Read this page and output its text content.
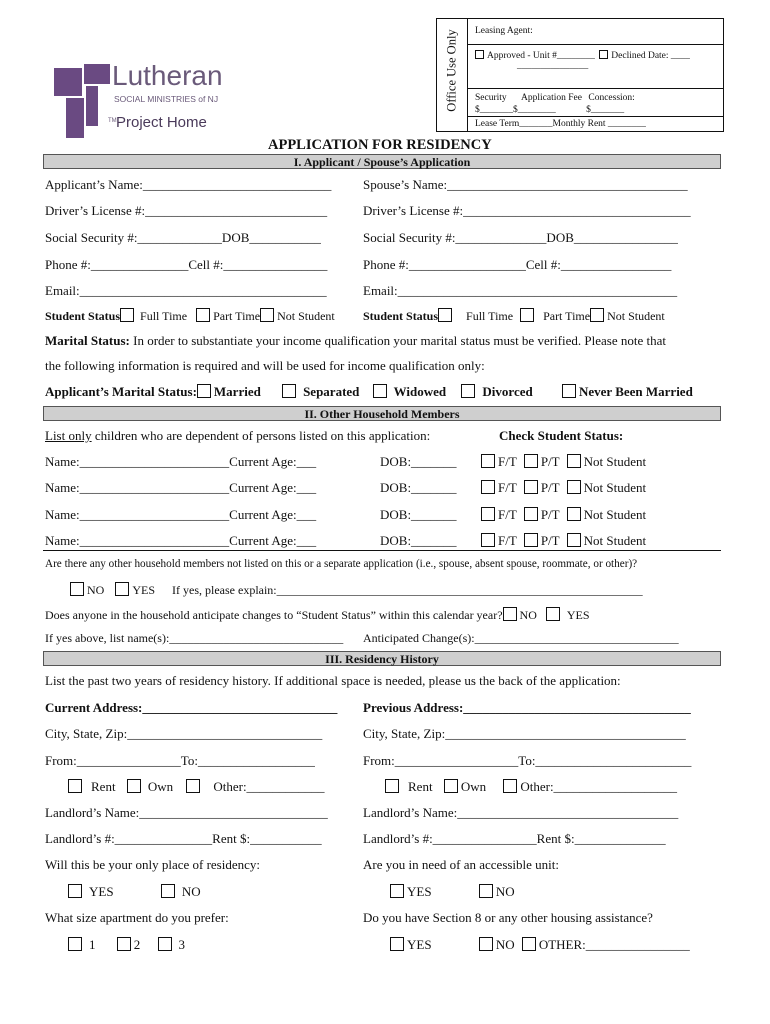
Lutheran
SOCIAL MINISTRIES of NJ
TM Project Home
Office Use Only	Leasing Agent:
Approved - Unit #________ Declined Date: ____
_______________
Security Application Fee Concession:
$_______$________	$_______
Lease Term_______Monthly Rent ________
APPLICATION FOR RESIDENCY
I. Applicant / Spouse’s Application
Applicant’s Name:_____________________________ Spouse’s Name:_____________________________________
Driver’s License #:____________________________	Driver’s License #:___________________________________
Social Security #:_____________DOB___________	Social Security #:______________DOB________________
Phone #:_______________Cell #:________________	Phone #:__________________Cell #:_________________
Email:______________________________________	Email:___________________________________________
Student Status Full Time Part Time Not Student Student Status Full Time	Part Time Not Student
Marital Status: In order to substantiate your income qualification your marital status must be verified. Please note that
the following information is required and will be used for income qualification only:
Applicant’s Marital Status: Married	Separated	Widowed	Divorced	Never Been Married
II. Other Household Members
List only children who are dependent of persons listed on this application:	Check Student Status:
Name:_______________________Current Age:___	DOB:_______	F/T P/T Not Student
Name:_______________________Current Age:___	DOB:_______	F/T P/T Not Student
Name:_______________________Current Age:___	DOB:_______	F/T P/T Not Student
Name:_______________________Current Age:___	DOB:_______	F/T P/T Not Student
Are there any other household members not listed on this or a separate application (i.e., spouse, absent spouse, roommate, or other)?
NO YES If yes, please explain:_____________________________________________________________
Does anyone in the household anticipate changes to “Student Status” within this calendar year? NO	YES
If yes above, list name(s):_____________________________ Anticipated Change(s):__________________________________
III. Residency History
List the past two years of residency history. If additional space is needed, please us the back of the application:
Current Address:______________________________ Previous Address:___________________________________
City, State, Zip:______________________________	City, State, Zip:_____________________________________
From:________________To:__________________	From:___________________To:________________________
Rent Own	Other:____________	Rent Own	Other:___________________
Landlord’s Name:_____________________________	Landlord’s Name:__________________________________
Landlord’s #:_______________Rent $:___________	Landlord’s #:________________Rent $:______________
Will this be your only place of residency:	Are you in need of an accessible unit:
YES	NO	YES	NO
What size apartment do you prefer:	Do you have Section 8 or any other housing assistance?
1	2	3	YES	NO OTHER:________________
